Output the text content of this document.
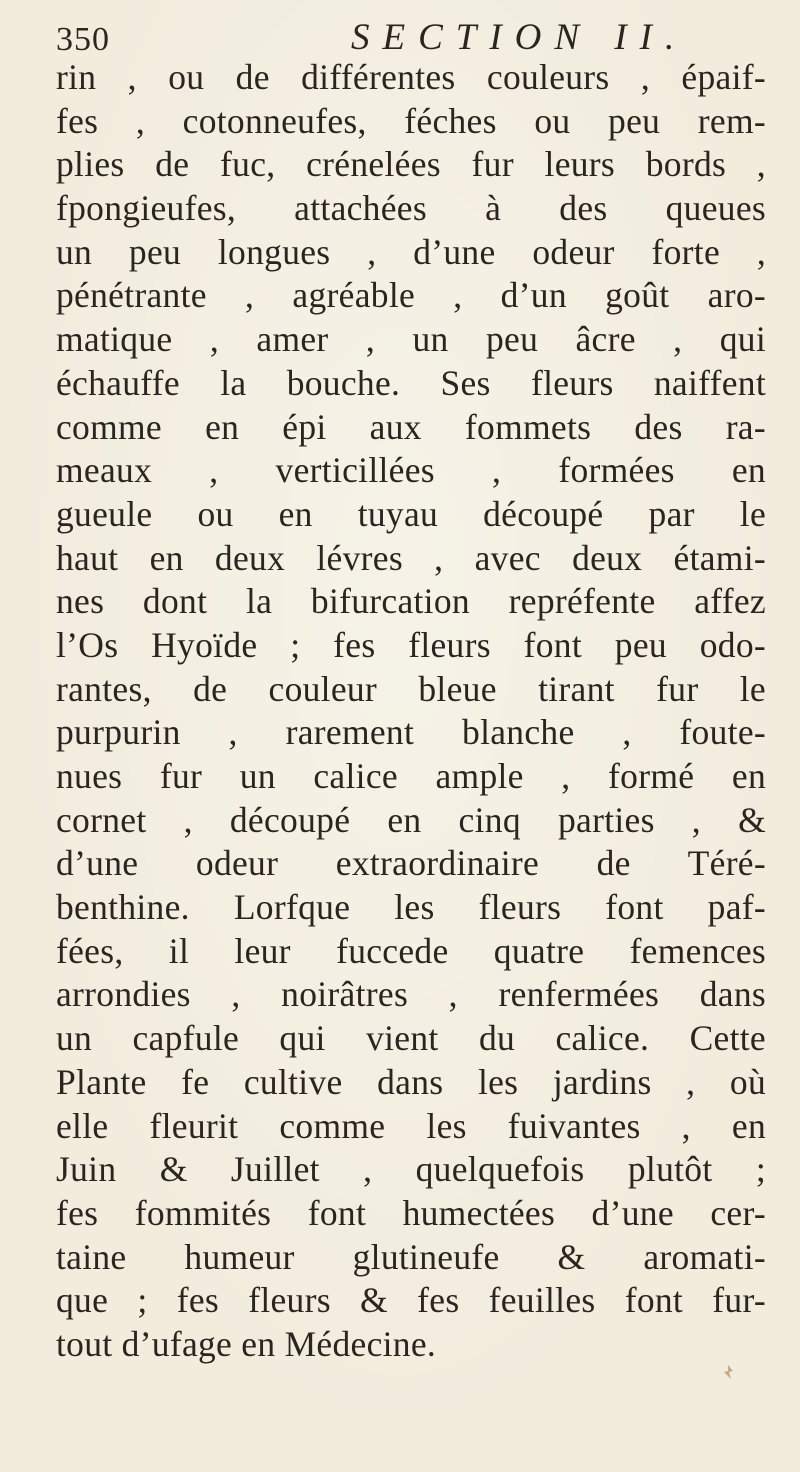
350	SECTION II.
rin , ou de différentes couleurs , épaif-
fes , cotonneufes, féches ou peu rem-
plies de fuc, crénelées fur leurs bords ,
fpongieufes, attachées à des queues
un peu longues , d’une odeur forte ,
pénétrante , agréable , d’un goût aro-
matique , amer , un peu âcre , qui
échauffe la bouche. Ses fleurs naiffent
comme en épi aux fommets des ra-
meaux , verticillées , formées en
gueule ou en tuyau découpé par le
haut en deux lévres , avec deux étami-
nes dont la bifurcation repréfente affez
l’Os Hyoïde ; fes fleurs font peu odo-
rantes, de couleur bleue tirant fur le
purpurin , rarement blanche , foute-
nues fur un calice ample , formé en
cornet , découpé en cinq parties , &
d’une odeur extraordinaire de Téré-
benthine. Lorfque les fleurs font paf-
fées, il leur fuccede quatre femences
arrondies , noirâtres , renfermées dans
un capfule qui vient du calice. Cette
Plante fe cultive dans les jardins , où
elle fleurit comme les fuivantes , en
Juin & Juillet , quelquefois plutôt ;
fes fommités font humectées d’une cer-
taine humeur glutineufe & aromati-
que ; fes fleurs & fes feuilles font fur-
tout d’ufage en Médecine.
